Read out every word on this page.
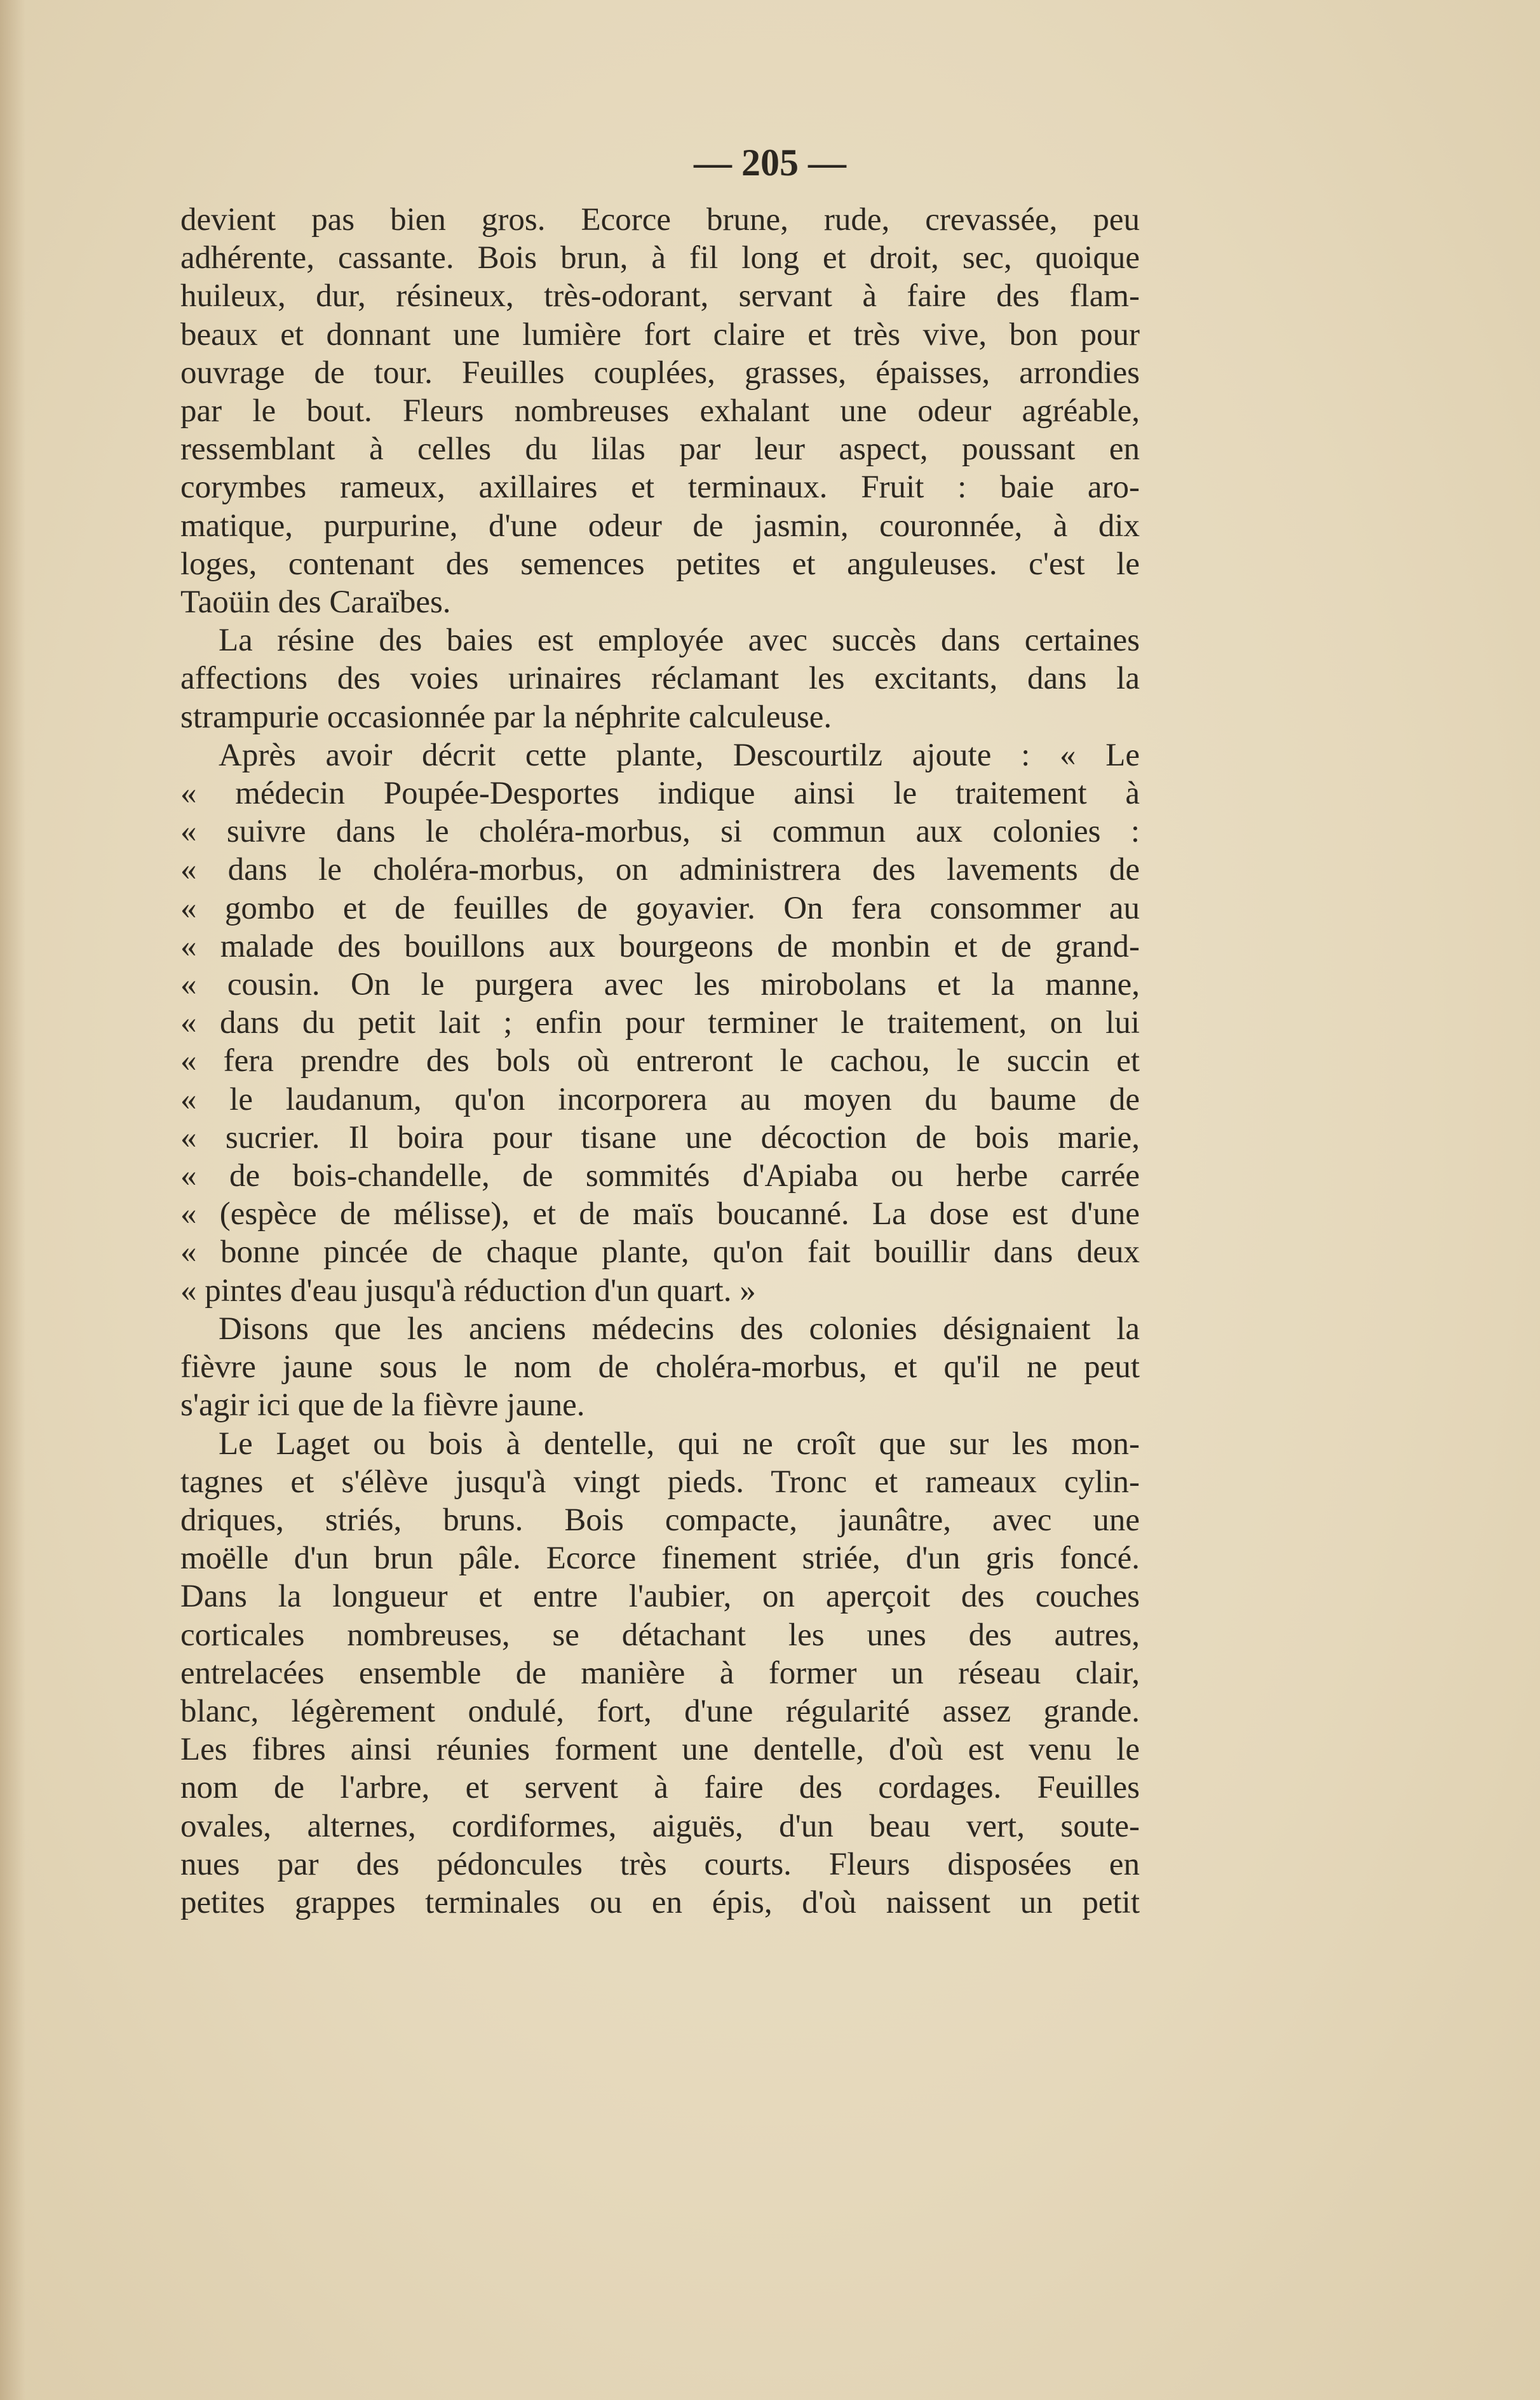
— 205 —

devient pas bien gros. Ecorce brune, rude, crevassée, peu

adhérente, cassante. Bois brun, à fil long et droit, sec, quoique

huileux, dur, résineux, très-odorant, servant à faire des flam-

beaux et donnant une lumière fort claire et très vive, bon pour

ouvrage de tour. Feuilles couplées, grasses, épaisses, arrondies

par le bout. Fleurs nombreuses exhalant une odeur agréable,

ressemblant à celles du lilas par leur aspect, poussant en

corymbes rameux, axillaires et terminaux. Fruit : baie aro-

matique, purpurine, d'une odeur de jasmin, couronnée, à dix

loges, contenant des semences petites et anguleuses. c'est le

Taoüin des Caraïbes.

La résine des baies est employée avec succès dans certaines

affections des voies urinaires réclamant les excitants, dans la

strampurie occasionnée par la néphrite calculeuse.

Après avoir décrit cette plante, Descourtilz ajoute : « Le

« médecin Poupée-Desportes indique ainsi le traitement à

« suivre dans le choléra-morbus, si commun aux colonies :

« dans le choléra-morbus, on administrera des lavements de

« gombo et de feuilles de goyavier. On fera consommer au

« malade des bouillons aux bourgeons de monbin et de grand-

« cousin. On le purgera avec les mirobolans et la manne,

« dans du petit lait ; enfin pour terminer le traitement, on lui

« fera prendre des bols où entreront le cachou, le succin et

« le laudanum, qu'on incorporera au moyen du baume de

« sucrier. Il boira pour tisane une décoction de bois marie,

« de bois-chandelle, de sommités d'Apiaba ou herbe carrée

« (espèce de mélisse), et de maïs boucanné. La dose est d'une

« bonne pincée de chaque plante, qu'on fait bouillir dans deux

« pintes d'eau jusqu'à réduction d'un quart. »

Disons que les anciens médecins des colonies désignaient la

fièvre jaune sous le nom de choléra-morbus, et qu'il ne peut

s'agir ici que de la fièvre jaune.

Le Laget ou bois à dentelle, qui ne croît que sur les mon-

tagnes et s'élève jusqu'à vingt pieds. Tronc et rameaux cylin-

driques, striés, bruns. Bois compacte, jaunâtre, avec une

moëlle d'un brun pâle. Ecorce finement striée, d'un gris foncé.

Dans la longueur et entre l'aubier, on aperçoit des couches

corticales nombreuses, se détachant les unes des autres,

entrelacées ensemble de manière à former un réseau clair,

blanc, légèrement ondulé, fort, d'une régularité assez grande.

Les fibres ainsi réunies forment une dentelle, d'où est venu le

nom de l'arbre, et servent à faire des cordages. Feuilles

ovales, alternes, cordiformes, aiguës, d'un beau vert, soute-

nues par des pédoncules très courts. Fleurs disposées en

petites grappes terminales ou en épis, d'où naissent un petit
